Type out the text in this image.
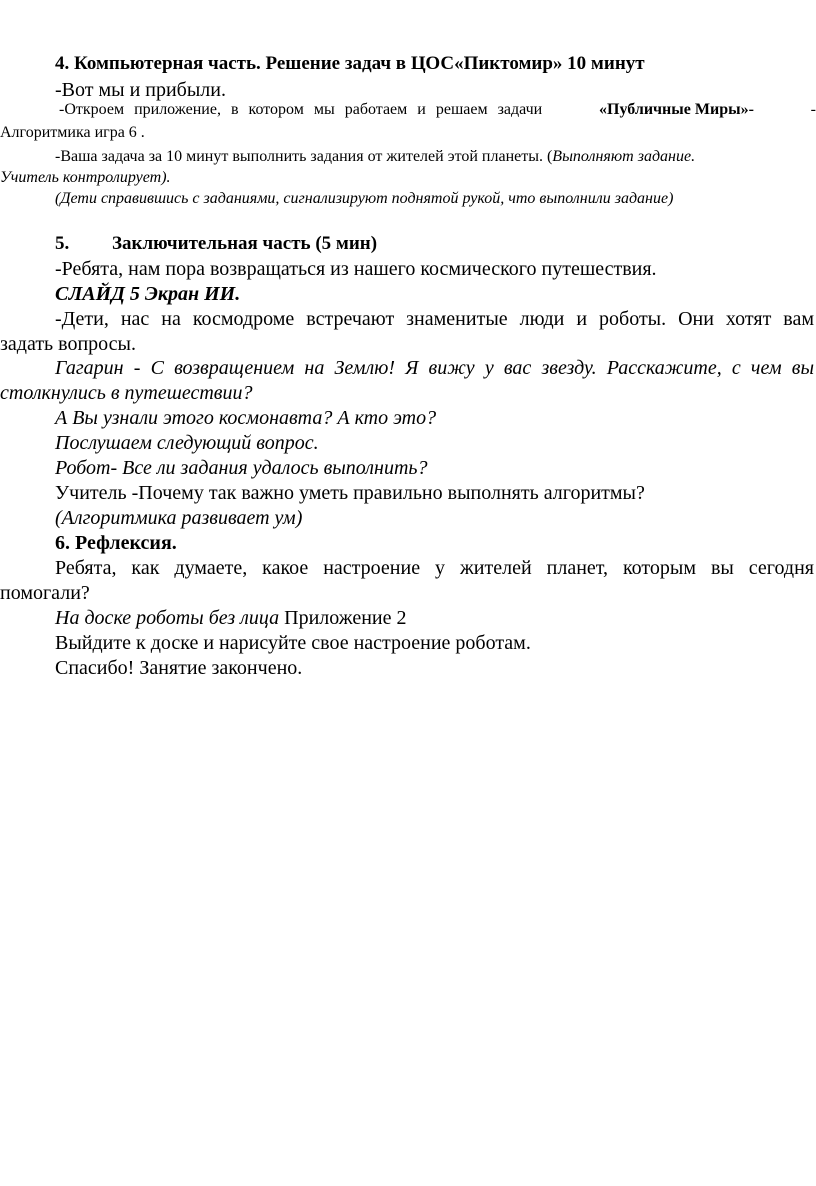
4. Компьютерная часть. Решение задач в ЦОС«Пиктомир» 10 минут
-Вот мы и прибыли.
-Откроем приложение, в котором мы работаем и решаем задачи	«Публичные Миры»-	-
Алгоритмика игра 6 .
-Ваша задача за 10 минут выполнить задания от жителей этой планеты. (Выполняют задание.
Учитель контролирует).
(Дети справившись с заданиями, сигнализируют поднятой рукой, что выполнили задание)
5. Заключительная часть (5 мин)
-Ребята, нам пора возвращаться из нашего космического путешествия.
СЛАЙД 5 Экран ИИ.
-Дети, нас на космодроме встречают знаменитые люди и роботы. Они хотят вам
задать вопросы.
Гагарин - С возвращением на Землю! Я вижу у вас звезду. Расскажите, с чем вы
столкнулись в путешествии?
А Вы узнали этого космонавта? А кто это?
Послушаем следующий вопрос.
Робот- Все ли задания удалось выполнить?
Учитель -Почему так важно уметь правильно выполнять алгоритмы?
(Алгоритмика развивает ум)
6. Рефлексия.
Ребята, как думаете, какое настроение у жителей планет, которым вы сегодня
помогали?
На доске роботы без лица Приложение 2
Выйдите к доске и нарисуйте свое настроение роботам.
Спасибо! Занятие закончено.
